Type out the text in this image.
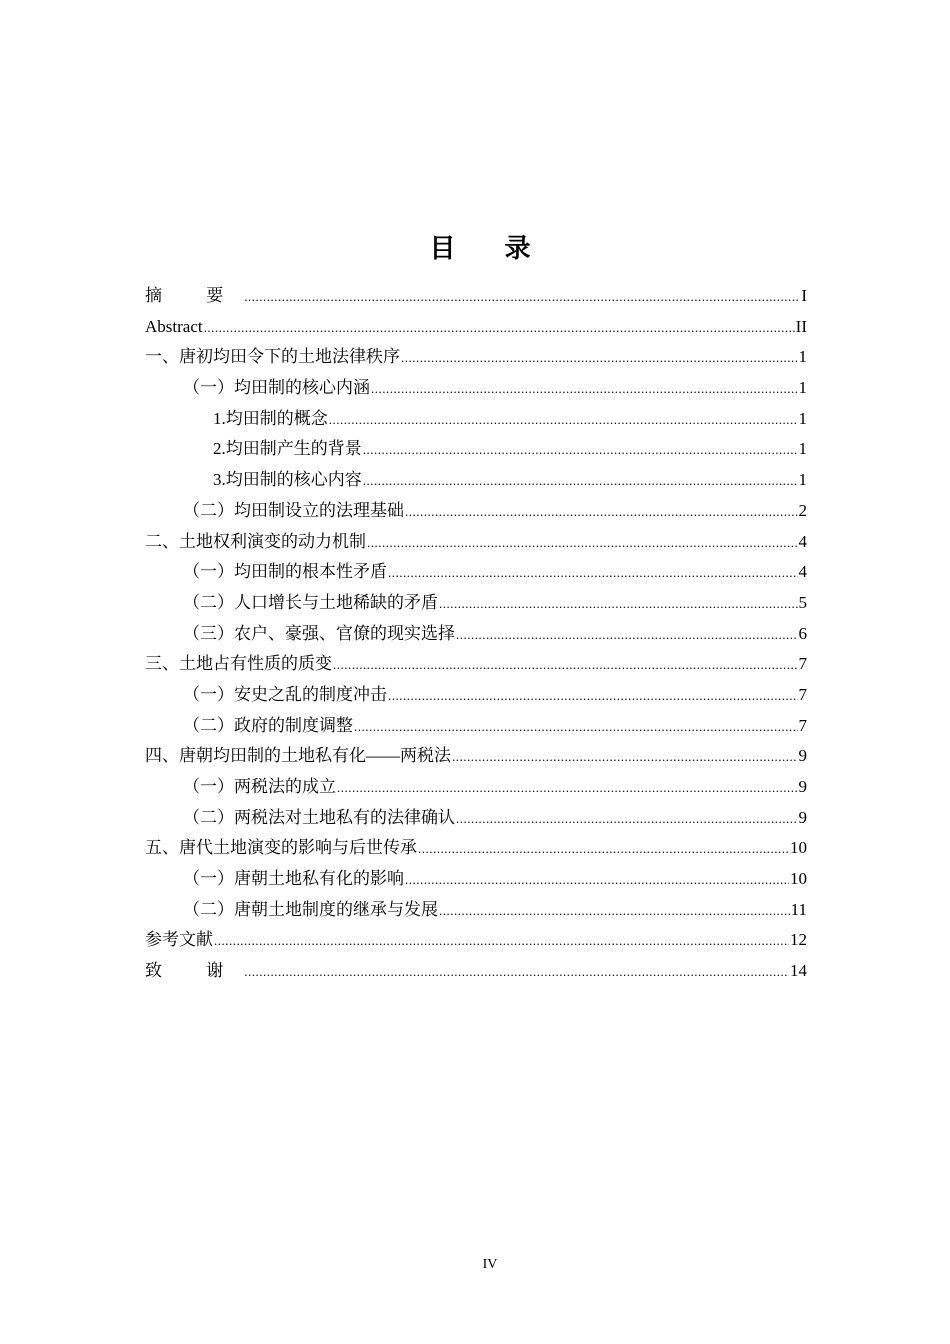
目 录
摘 要 .....	I
Abstract .....	II
一、唐初均田令下的土地法律秩序 .....	1
（一）均田制的核心内涵 .....	1
1.均田制的概念 .....	1
2.均田制产生的背景 .....	1
3.均田制的核心内容 .....	1
（二）均田制设立的法理基础 .....	2
二、土地权利演变的动力机制 .....	4
（一）均田制的根本性矛盾 .....	4
（二）人口增长与土地稀缺的矛盾 .....	5
（三）农户、豪强、官僚的现实选择 .....	6
三、土地占有性质的质变 .....	7
（一）安史之乱的制度冲击 .....	7
（二）政府的制度调整 .....	7
四、唐朝均田制的土地私有化——两税法 .....	9
（一）两税法的成立 .....	9
（二）两税法对土地私有的法律确认 .....	9
五、唐代土地演变的影响与后世传承 .....	10
（一）唐朝土地私有化的影响 .....	10
（二）唐朝土地制度的继承与发展 .....	11
参考文献 .....	12
致 谢 .....	14
IV
